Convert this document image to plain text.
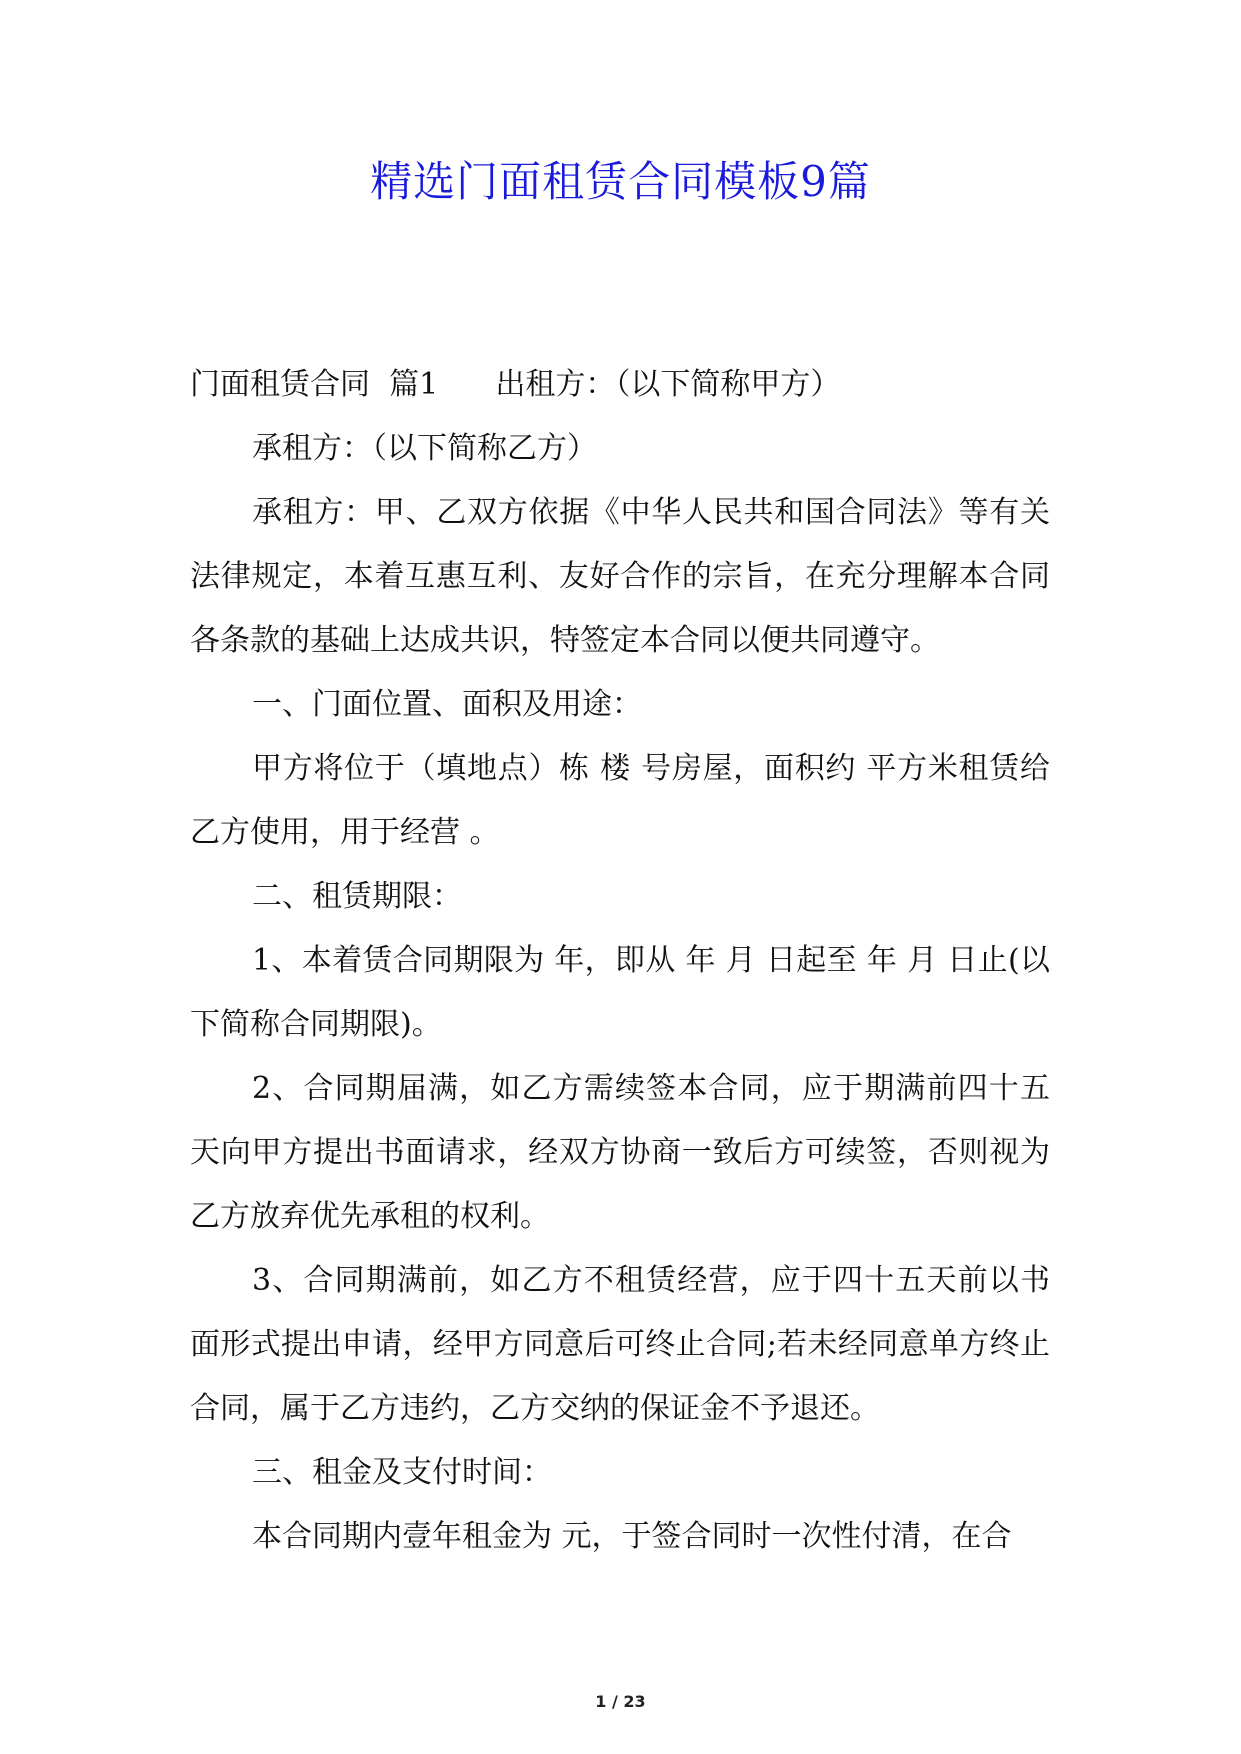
精选门面租赁合同模板9篇

门面租赁合同  篇1      出租方：（以下简称甲方）

承租方：（以下简称乙方）

承租方：甲、乙双方依据《中华人民共和国合同法》等有关法律规定，本着互惠互利、友好合作的宗旨，在充分理解本合同各条款的基础上达成共识，特签定本合同以便共同遵守。

一、门面位置、面积及用途：

甲方将位于（填地点）栋 楼 号房屋，面积约 平方米租赁给乙方使用，用于经营 。

二、租赁期限：

1、本着赁合同期限为 年，即从 年 月 日起至 年 月 日止(以下简称合同期限)。

2、合同期届满，如乙方需续签本合同，应于期满前四十五天向甲方提出书面请求，经双方协商一致后方可续签，否则视为乙方放弃优先承租的权利。

3、合同期满前，如乙方不租赁经营，应于四十五天前以书面形式提出申请，经甲方同意后可终止合同;若未经同意单方终止合同，属于乙方违约，乙方交纳的保证金不予退还。

三、租金及支付时间：

本合同期内壹年租金为 元，于签合同时一次性付清，在合

1 / 23
